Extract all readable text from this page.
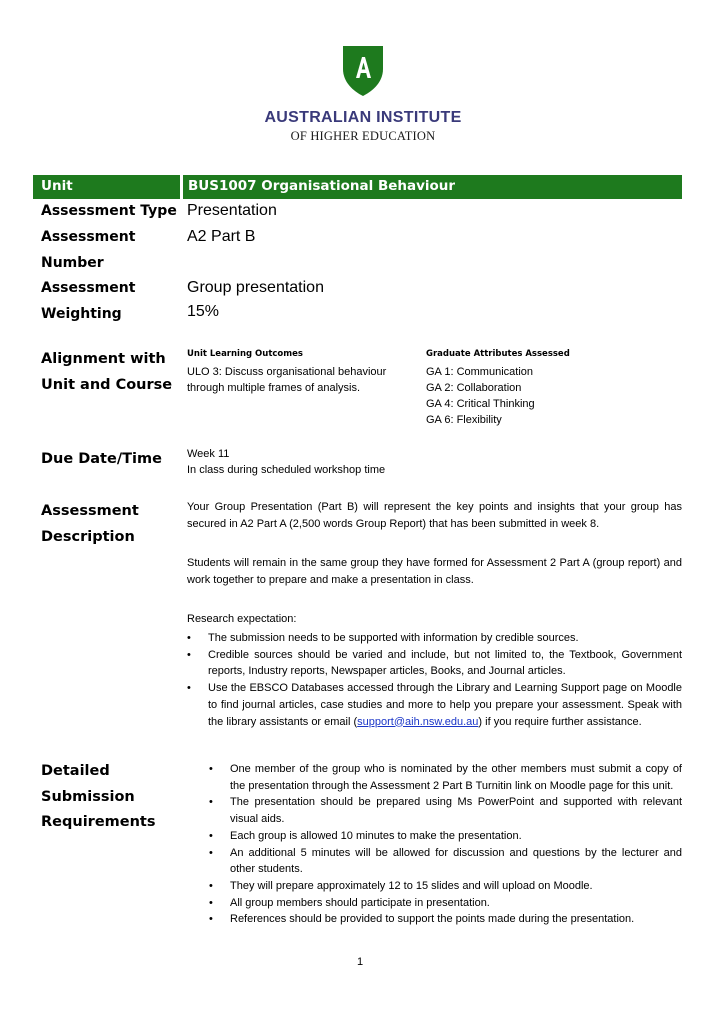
AUSTRALIAN INSTITUTE
OF HIGHER EDUCATION
Unit	BUS1007 Organisational Behaviour
Assessment Type Presentation
Assessment
Number
A2 Part B
Assessment
Weighting
Group presentation
15%
Alignment with
Unit and Course
Unit Learning Outcomes
ULO 3: Discuss organisational behaviour
through multiple frames of analysis.
Graduate Attributes Assessed
GA 1: Communication
GA 2: Collaboration
GA 4: Critical Thinking
GA 6: Flexibility
Due Date/Time Week 11
In class during scheduled workshop time
Assessment
Description

Your Group Presentation (Part B) will represent the key points and insights that your group has secured in A2 Part A (2,500 words Group Report) that has been submitted in week 8.

Students will remain in the same group they have formed for Assessment 2 Part A (group report) and work together to prepare and make a presentation in class.

Research expectation:
• The submission needs to be supported with information by credible sources.
• Credible sources should be varied and include, but not limited to, the Textbook, Government reports, Industry reports, Newspaper articles, Books, and Journal articles.
• Use the EBSCO Databases accessed through the Library and Learning Support page on Moodle to find journal articles, case studies and more to help you prepare your assessment. Speak with the library assistants or email (support@aih.nsw.edu.au) if you require further assistance.
Detailed
Submission
Requirements
• One member of the group who is nominated by the other members must submit a copy of the presentation through the Assessment 2 Part B Turnitin link on Moodle page for this unit.
• The presentation should be prepared using Ms PowerPoint and supported with relevant visual aids.
• Each group is allowed 10 minutes to make the presentation.
• An additional 5 minutes will be allowed for discussion and questions by the lecturer and other students.
• They will prepare approximately 12 to 15 slides and will upload on Moodle.
• All group members should participate in presentation.
• References should be provided to support the points made during the presentation.
1
